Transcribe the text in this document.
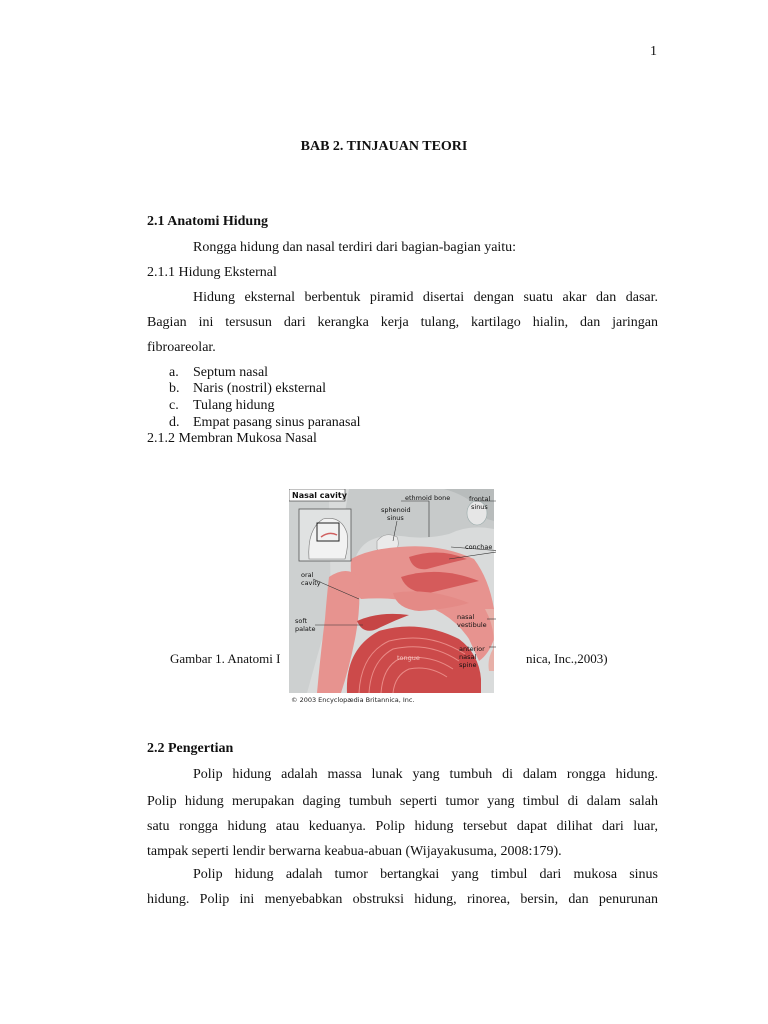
1
BAB 2. TINJAUAN TEORI
2.1 Anatomi Hidung
Rongga hidung dan nasal terdiri dari bagian-bagian yaitu:
2.1.1 Hidung Eksternal
Hidung eksternal berbentuk piramid disertai dengan suatu akar dan dasar.
Bagian ini tersusun dari kerangka kerja tulang, kartilago hialin, dan jaringan
fibroareolar.
a. Septum nasal
b. Naris (nostril) eksternal
c. Tulang hidung
d. Empat pasang sinus paranasal
2.1.2 Membran Mukosa Nasal
Nasal cavity	ethmoid bone
sphenoid
sinus
frontal
sinus
conchae
oral
cavity
soft
palate
nasal
vestibule
anterior
nasal
spine
tongue
© 2003 Encyclopædia Britannica, Inc.
Gambar 1. Anatomi I	nica, Inc.,2003)
2.2 Pengertian
Polip hidung adalah massa lunak yang tumbuh di dalam rongga hidung.
Polip hidung merupakan daging tumbuh seperti tumor yang timbul di dalam salah
satu rongga hidung atau keduanya. Polip hidung tersebut dapat dilihat dari luar,
tampak seperti lendir berwarna keabua-abuan (Wijayakusuma, 2008:179).
Polip hidung adalah tumor bertangkai yang timbul dari mukosa sinus
hidung. Polip ini menyebabkan obstruksi hidung, rinorea, bersin, dan penurunan
